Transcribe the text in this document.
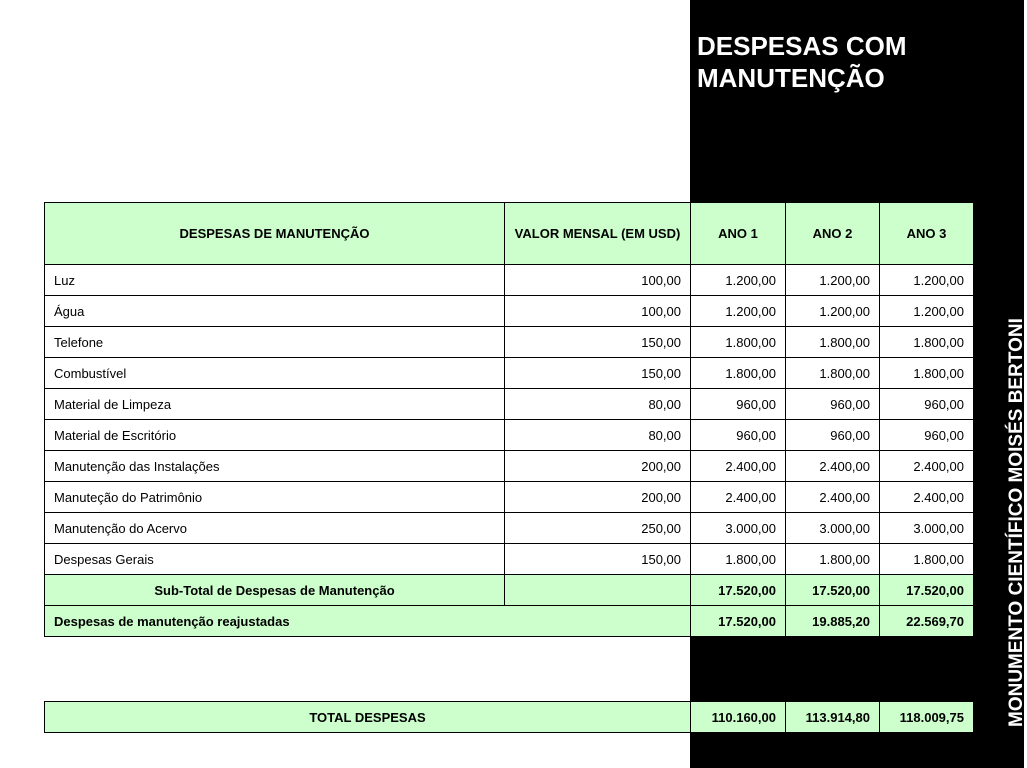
DESPESAS COM
MANUTENÇÃO
MONUMENTO CIENTÍFICO MOISÉS BERTONI
DESPESAS DE MANUTENÇÃO	VALOR MENSAL (EM USD)	ANO 1	ANO 2	ANO 3
Luz	100,00	1.200,00	1.200,00	1.200,00
Água	100,00	1.200,00	1.200,00	1.200,00
Telefone	150,00	1.800,00	1.800,00	1.800,00
Combustível	150,00	1.800,00	1.800,00	1.800,00
Material de Limpeza	80,00	960,00	960,00	960,00
Material de Escritório	80,00	960,00	960,00	960,00
Manutenção das Instalações	200,00	2.400,00	2.400,00	2.400,00
Manuteção do Patrimônio	200,00	2.400,00	2.400,00	2.400,00
Manutenção do Acervo	250,00	3.000,00	3.000,00	3.000,00
Despesas Gerais	150,00	1.800,00	1.800,00	1.800,00
Sub-Total de Despesas de Manutenção		17.520,00	17.520,00	17.520,00
Despesas de manutenção reajustadas		17.520,00	19.885,20	22.569,70
TOTAL DESPESAS	110.160,00	113.914,80	118.009,75
